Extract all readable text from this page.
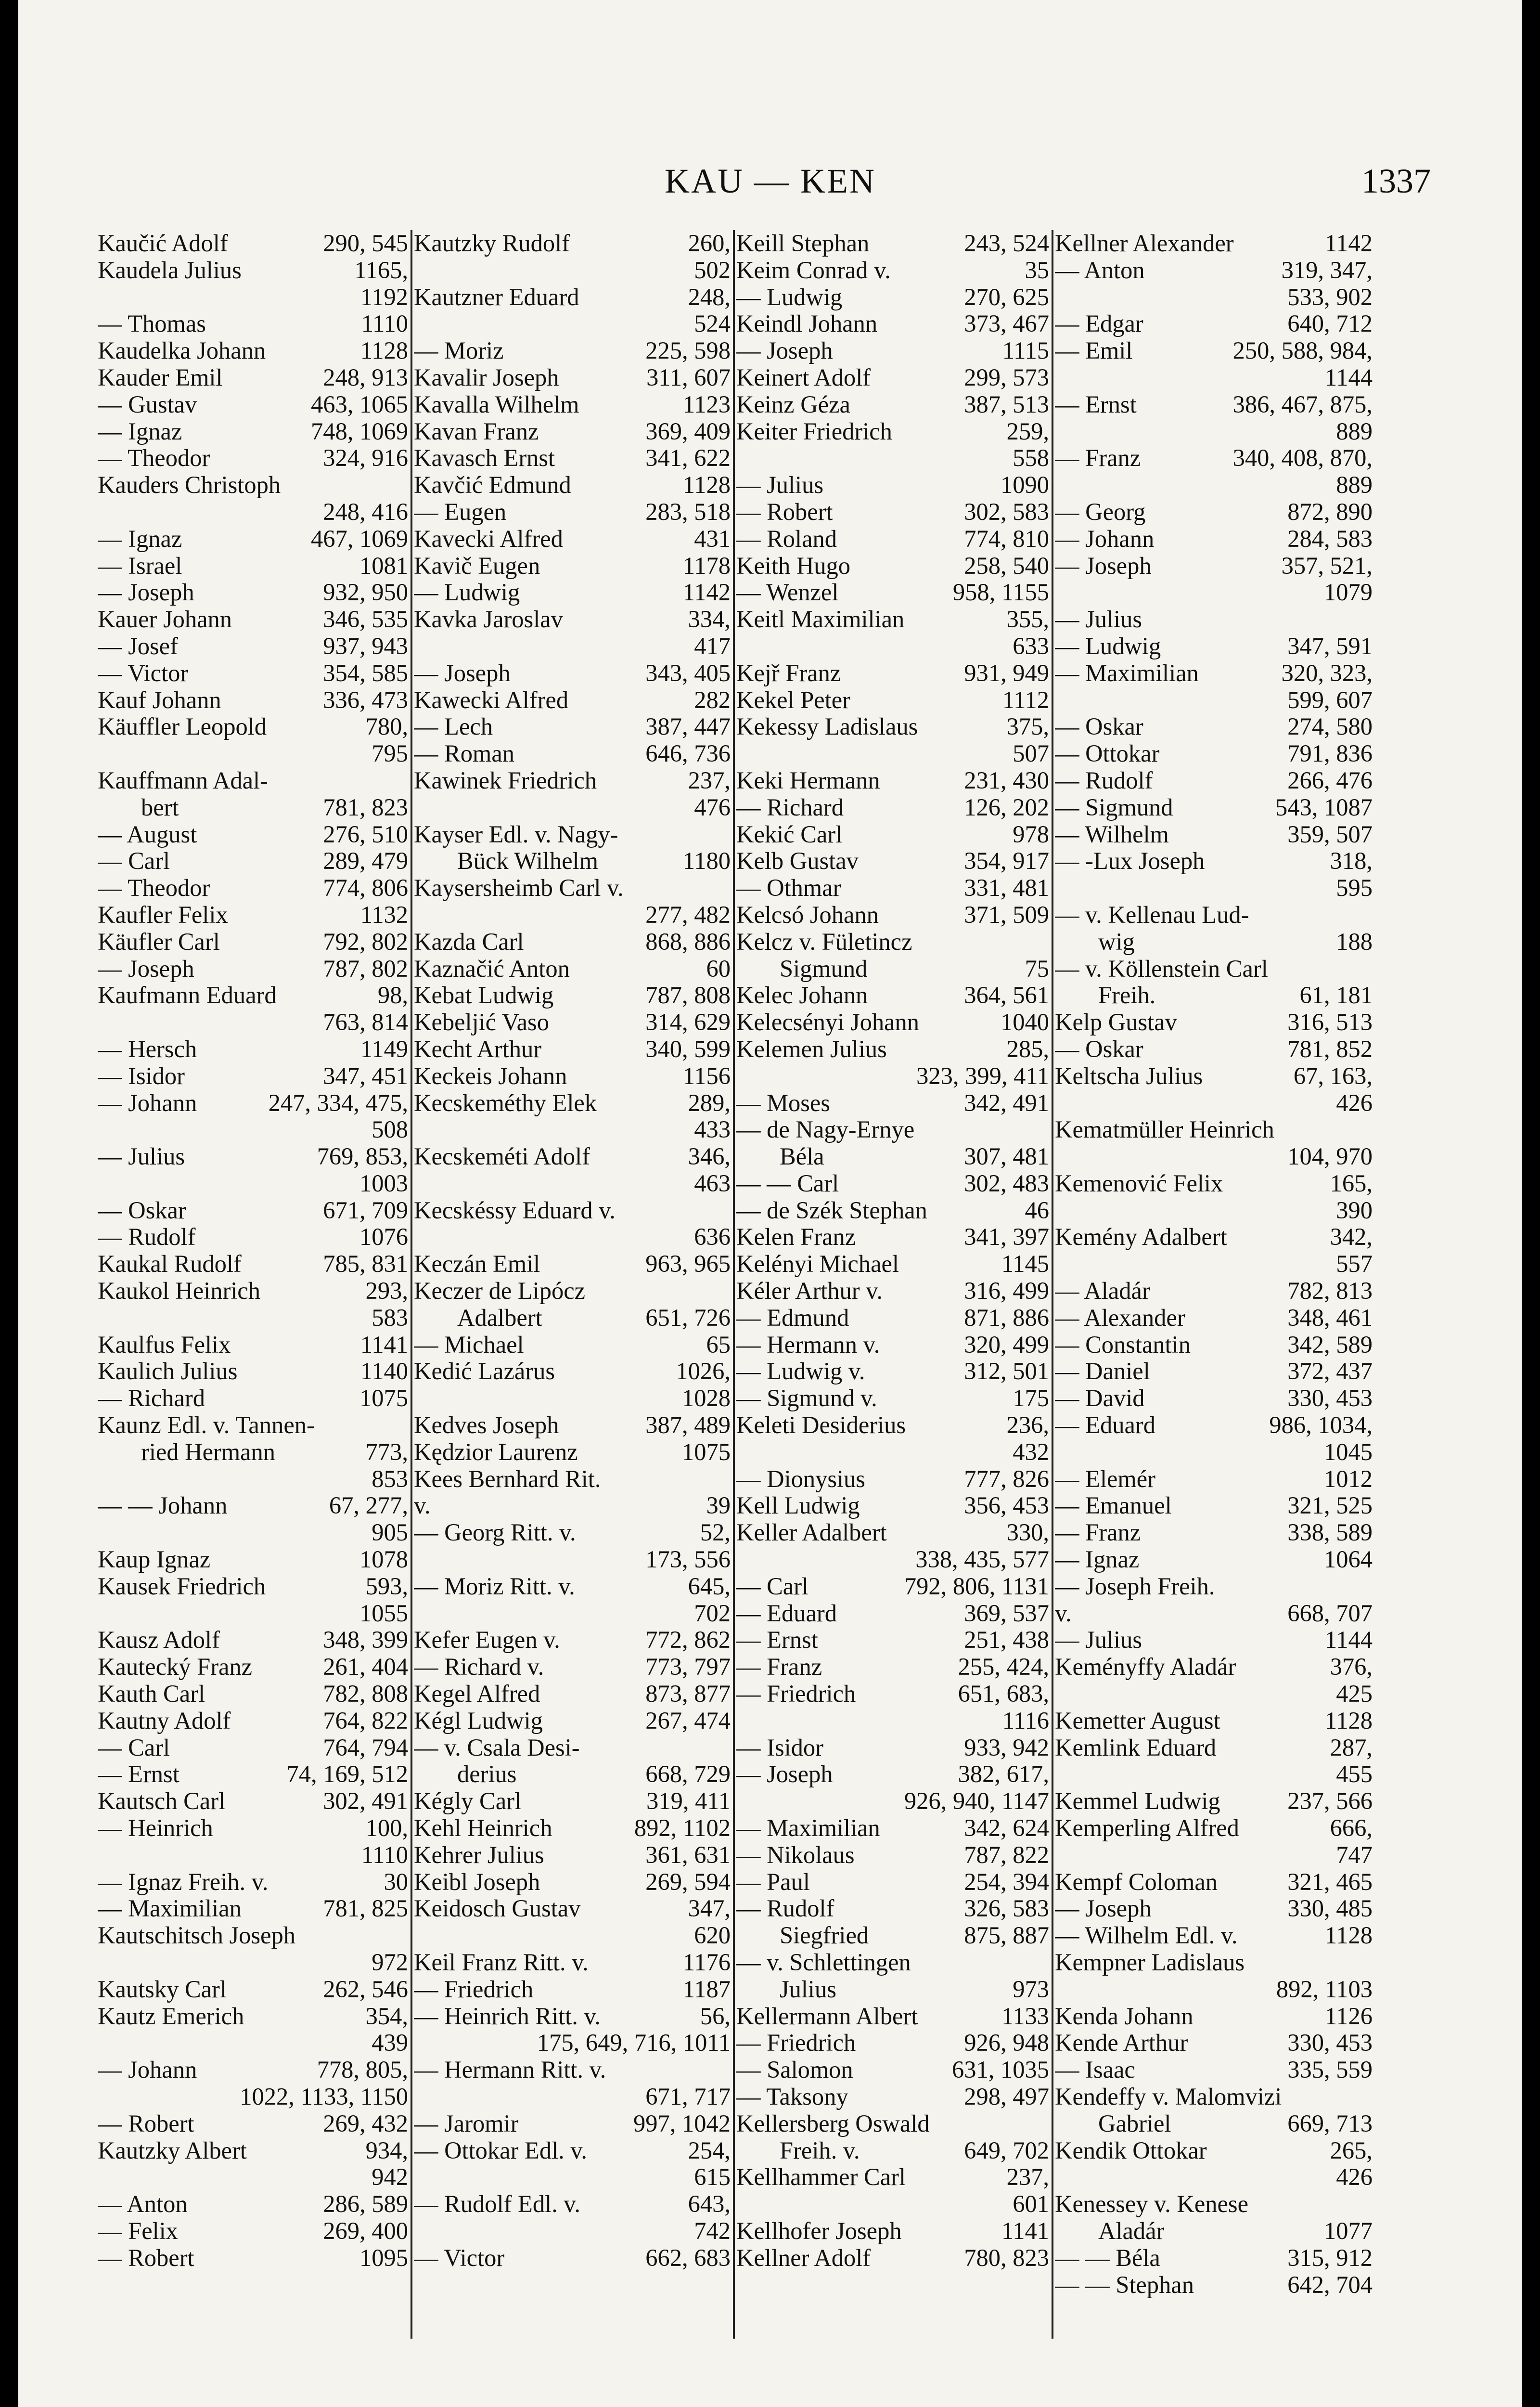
KAU — KEN	1337
Kaučić Adolf	290, 545
Kaudela Julius	1165,
1192
— Thomas	1110
Kaudelka Johann	1128
Kauder Emil	248, 913
— Gustav	463, 1065
— Ignaz	748, 1069
— Theodor	324, 916
Kauders Christoph
248, 416
— Ignaz	467, 1069
— Israel	1081
— Joseph	932, 950
Kauer Johann	346, 535
— Josef	937, 943
— Victor	354, 585
Kauf Johann	336, 473
Käuffler Leopold	780,
795
Kauffmann Adal-
bert	781, 823
— August	276, 510
— Carl	289, 479
— Theodor	774, 806
Kaufler Felix	1132
Käufler Carl	792, 802
— Joseph	787, 802
Kaufmann Eduard	98,
763, 814
— Hersch	1149
— Isidor	347, 451
— Johann	247, 334, 475,
508
— Julius	769, 853,
1003
— Oskar	671, 709
— Rudolf	1076
Kaukal Rudolf	785, 831
Kaukol Heinrich	293,
583
Kaulfus Felix	1141
Kaulich Julius	1140
— Richard	1075
Kaunz Edl. v. Tannen-
ried Hermann	773,
853
— — Johann	67, 277,
905
Kaup Ignaz	1078
Kausek Friedrich	593,
1055
Kausz Adolf	348, 399
Kautecký Franz	261, 404
Kauth Carl	782, 808
Kautny Adolf	764, 822
— Carl	764, 794
— Ernst	74, 169, 512
Kautsch Carl	302, 491
— Heinrich	100,
1110
— Ignaz Freih. v.	30
— Maximilian	781, 825
Kautschitsch Joseph
972
Kautsky Carl	262, 546
Kautz Emerich	354,
439
— Johann	778, 805,
1022, 1133, 1150
— Robert	269, 432
Kautzky Albert	934,
942
— Anton	286, 589
— Felix	269, 400
— Robert	1095
Kautzky Rudolf	260,
502
Kautzner Eduard	248,
524
— Moriz	225, 598
Kavalir Joseph	311, 607
Kavalla Wilhelm	1123
Kavan Franz	369, 409
Kavasch Ernst	341, 622
Kavčić Edmund	1128
— Eugen	283, 518
Kavecki Alfred	431
Kavič Eugen	1178
— Ludwig	1142
Kavka Jaroslav	334,
417
— Joseph	343, 405
Kawecki Alfred	282
— Lech	387, 447
— Roman	646, 736
Kawinek Friedrich	237,
476
Kayser Edl. v. Nagy-
Bück Wilhelm	1180
Kaysersheimb Carl v.
277, 482
Kazda Carl	868, 886
Kaznačić Anton	60
Kebat Ludwig	787, 808
Kebeljić Vaso	314, 629
Kecht Arthur	340, 599
Keckeis Johann	1156
Kecskeméthy Elek	289,
433
Kecskeméti Adolf	346,
463
Kecskéssy Eduard v.
636
Keczán Emil	963, 965
Keczer de Lipócz
Adalbert	651, 726
— Michael	65
Kedić Lazárus	1026,
1028
Kedves Joseph	387, 489
Kędzior Laurenz	1075
Kees Bernhard Rit.
v.	39
— Georg Ritt. v.	52,
173, 556
— Moriz Ritt. v.	645,
702
Kefer Eugen v.	772, 862
— Richard v.	773, 797
Kegel Alfred	873, 877
Kégl Ludwig	267, 474
— v. Csala Desi-
derius	668, 729
Kégly Carl	319, 411
Kehl Heinrich	892, 1102
Kehrer Julius	361, 631
Keibl Joseph	269, 594
Keidosch Gustav	347,
620
Keil Franz Ritt. v.	1176
— Friedrich	1187
— Heinrich Ritt. v.	56,
175, 649, 716, 1011
— Hermann Ritt. v.
671, 717
— Jaromir	997, 1042
— Ottokar Edl. v.	254,
615
— Rudolf Edl. v.	643,
742
— Victor	662, 683
Keill Stephan	243, 524
Keim Conrad v.	35
— Ludwig	270, 625
Keindl Johann	373, 467
— Joseph	1115
Keinert Adolf	299, 573
Keinz Géza	387, 513
Keiter Friedrich	259,
558
— Julius	1090
— Robert	302, 583
— Roland	774, 810
Keith Hugo	258, 540
— Wenzel	958, 1155
Keitl Maximilian	355,
633
Kejř Franz	931, 949
Kekel Peter	1112
Kekessy Ladislaus	375,
507
Keki Hermann	231, 430
— Richard	126, 202
Kekić Carl	978
Kelb Gustav	354, 917
— Othmar	331, 481
Kelcsó Johann	371, 509
Kelcz v. Fületincz
Sigmund	75
Kelec Johann	364, 561
Kelecsényi Johann	1040
Kelemen Julius	285,
323, 399, 411
— Moses	342, 491
— de Nagy-Ernye
Béla	307, 481
— — Carl	302, 483
— de Szék Stephan	46
Kelen Franz	341, 397
Kelényi Michael	1145
Kéler Arthur v.	316, 499
— Edmund	871, 886
— Hermann v.	320, 499
— Ludwig v.	312, 501
— Sigmund v.	175
Keleti Desiderius	236,
432
— Dionysius	777, 826
Kell Ludwig	356, 453
Keller Adalbert	330,
338, 435, 577
— Carl	792, 806, 1131
— Eduard	369, 537
— Ernst	251, 438
— Franz	255, 424,
— Friedrich	651, 683,
1116
— Isidor	933, 942
— Joseph	382, 617,
926, 940, 1147
— Maximilian	342, 624
— Nikolaus	787, 822
— Paul	254, 394
— Rudolf	326, 583
Siegfried	875, 887
— v. Schlettingen
Julius	973
Kellermann Albert	1133
— Friedrich	926, 948
— Salomon	631, 1035
— Taksony	298, 497
Kellersberg Oswald
Freih. v.	649, 702
Kellhammer Carl	237,
601
Kellhofer Joseph	1141
Kellner Adolf	780, 823
Kellner Alexander	1142
— Anton	319, 347,
533, 902
— Edgar	640, 712
— Emil	250, 588, 984,
1144
— Ernst	386, 467, 875,
889
— Franz	340, 408, 870,
889
— Georg	872, 890
— Johann	284, 583
— Joseph	357, 521,
1079
— Julius
— Ludwig	347, 591
— Maximilian	320, 323,
599, 607
— Oskar	274, 580
— Ottokar	791, 836
— Rudolf	266, 476
— Sigmund	543, 1087
— Wilhelm	359, 507
— -Lux Joseph	318,
595
— v. Kellenau Lud-
wig	188
— v. Köllenstein Carl
Freih.	61, 181
Kelp Gustav	316, 513
— Oskar	781, 852
Keltscha Julius	67, 163,
426
Kematmüller Heinrich
104, 970
Kemenović Felix	165,
390
Kemény Adalbert	342,
557
— Aladár	782, 813
— Alexander	348, 461
— Constantin	342, 589
— Daniel	372, 437
— David	330, 453
— Eduard	986, 1034,
1045
— Elemér	1012
— Emanuel	321, 525
— Franz	338, 589
— Ignaz	1064
— Joseph Freih.
v.	668, 707
— Julius	1144
Keményffy Aladár	376,
425
Kemetter August	1128
Kemlink Eduard	287,
455
Kemmel Ludwig	237, 566
Kemperling Alfred	666,
747
Kempf Coloman	321, 465
— Joseph	330, 485
— Wilhelm Edl. v.	1128
Kempner Ladislaus
892, 1103
Kenda Johann	1126
Kende Arthur	330, 453
— Isaac	335, 559
Kendeffy v. Malomvizi
Gabriel	669, 713
Kendik Ottokar	265,
426
Kenessey v. Kenese
Aladár	1077
— — Béla	315, 912
— — Stephan	642, 704
